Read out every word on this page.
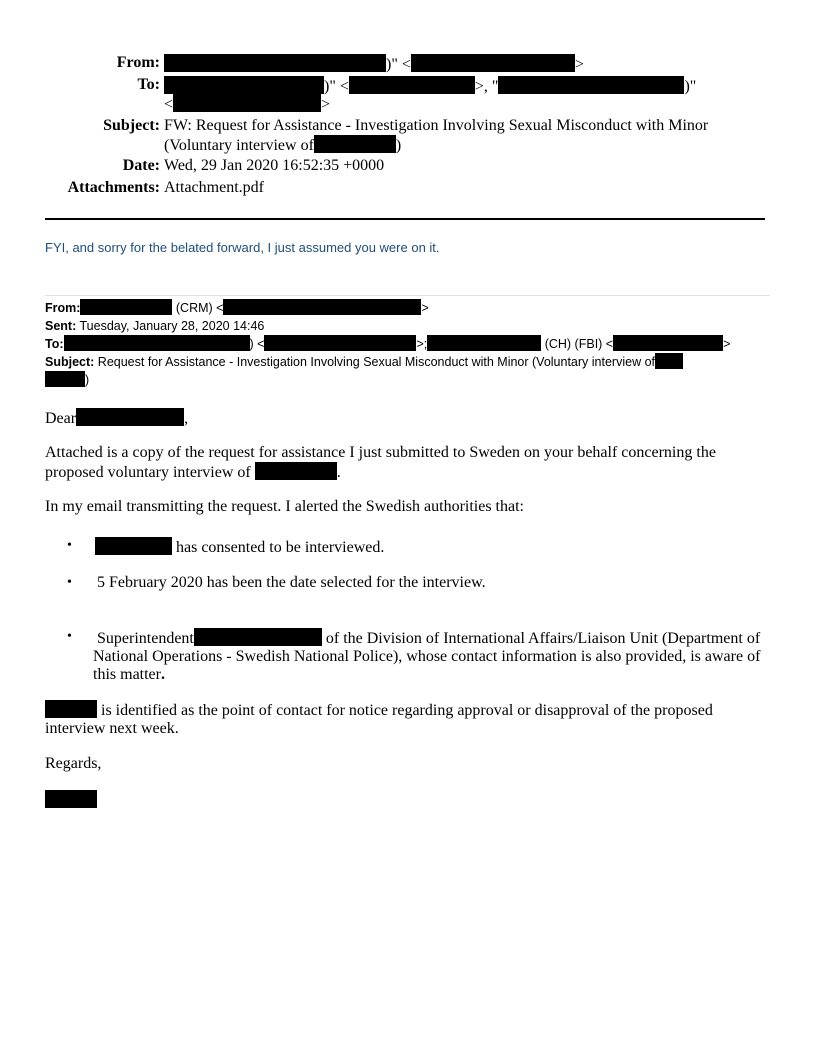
From:	)" <	>
To:	)" <	>, "	)"
<	>
Subject: FW: Request for Assistance - Investigation Involving Sexual Misconduct with Minor
(Voluntary interview of	)
Date: Wed, 29 Jan 2020 16:52:35 +0000
Attachments: Attachment.pdf
FYI, and sorry for the belated forward, I just assumed you were on it.
From:	(CRM) <	>
Sent: Tuesday, January 28, 2020 14:46
To:	) <	>;	(CH) (FBI) <	>
Subject: Request for Assistance - Investigation Involving Sexual Misconduct with Minor (Voluntary interview of
)
Dear	,
Attached is a copy of the request for assistance I just submitted to Sweden on your behalf concerning the
proposed voluntary interview of	.
In my email transmitting the request. I alerted the Swedish authorities that:
•	has consented to be interviewed.
• 5 February 2020 has been the date selected for the interview.
• Superintendent	of the Division of International Affairs/Liaison Unit (Department of
National Operations - Swedish National Police), whose contact information is also provided, is aware of
this matter.
is identified as the point of contact for notice regarding approval or disapproval of the proposed
interview next week.
Regards,
